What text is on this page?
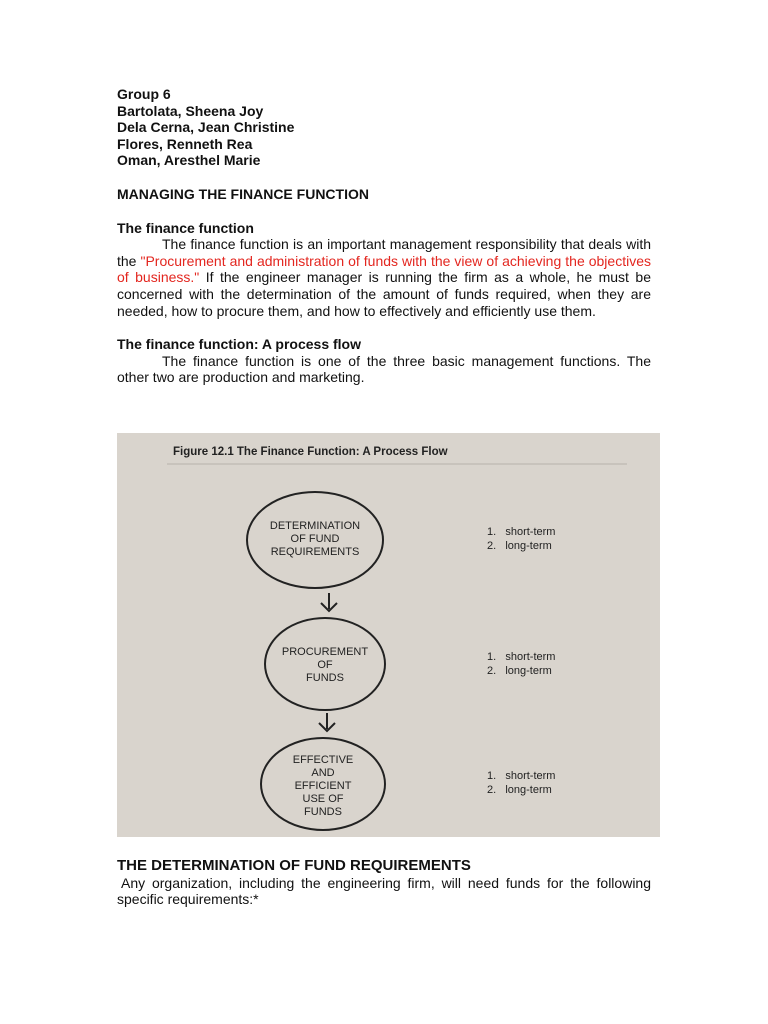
Group 6
Bartolata, Sheena Joy
Dela Cerna, Jean Christine
Flores, Renneth Rea
Oman, Aresthel Marie
MANAGING THE FINANCE FUNCTION
The finance function
The finance function is an important management responsibility that deals with the "Procurement and administration of funds with the view of achieving the objectives of business." If the engineer manager is running the firm as a whole, he must be concerned with the determination of the amount of funds required, when they are needed, how to procure them, and how to effectively and efficiently use them.
The finance function: A process flow
The finance function is one of the three basic management functions. The other two are production and marketing.
Figure 12.1 The Finance Function: A Process Flow
DETERMINATION
OF FUND
REQUIREMENTS
1.   short-term
2.   long-term
PROCUREMENT
OF
FUNDS
1.   short-term
2.   long-term
EFFECTIVE
AND
EFFICIENT
USE OF
FUNDS
1.   short-term
2.   long-term
THE DETERMINATION OF FUND REQUIREMENTS
Any organization, including the engineering firm, will need funds for the following specific requirements:*
